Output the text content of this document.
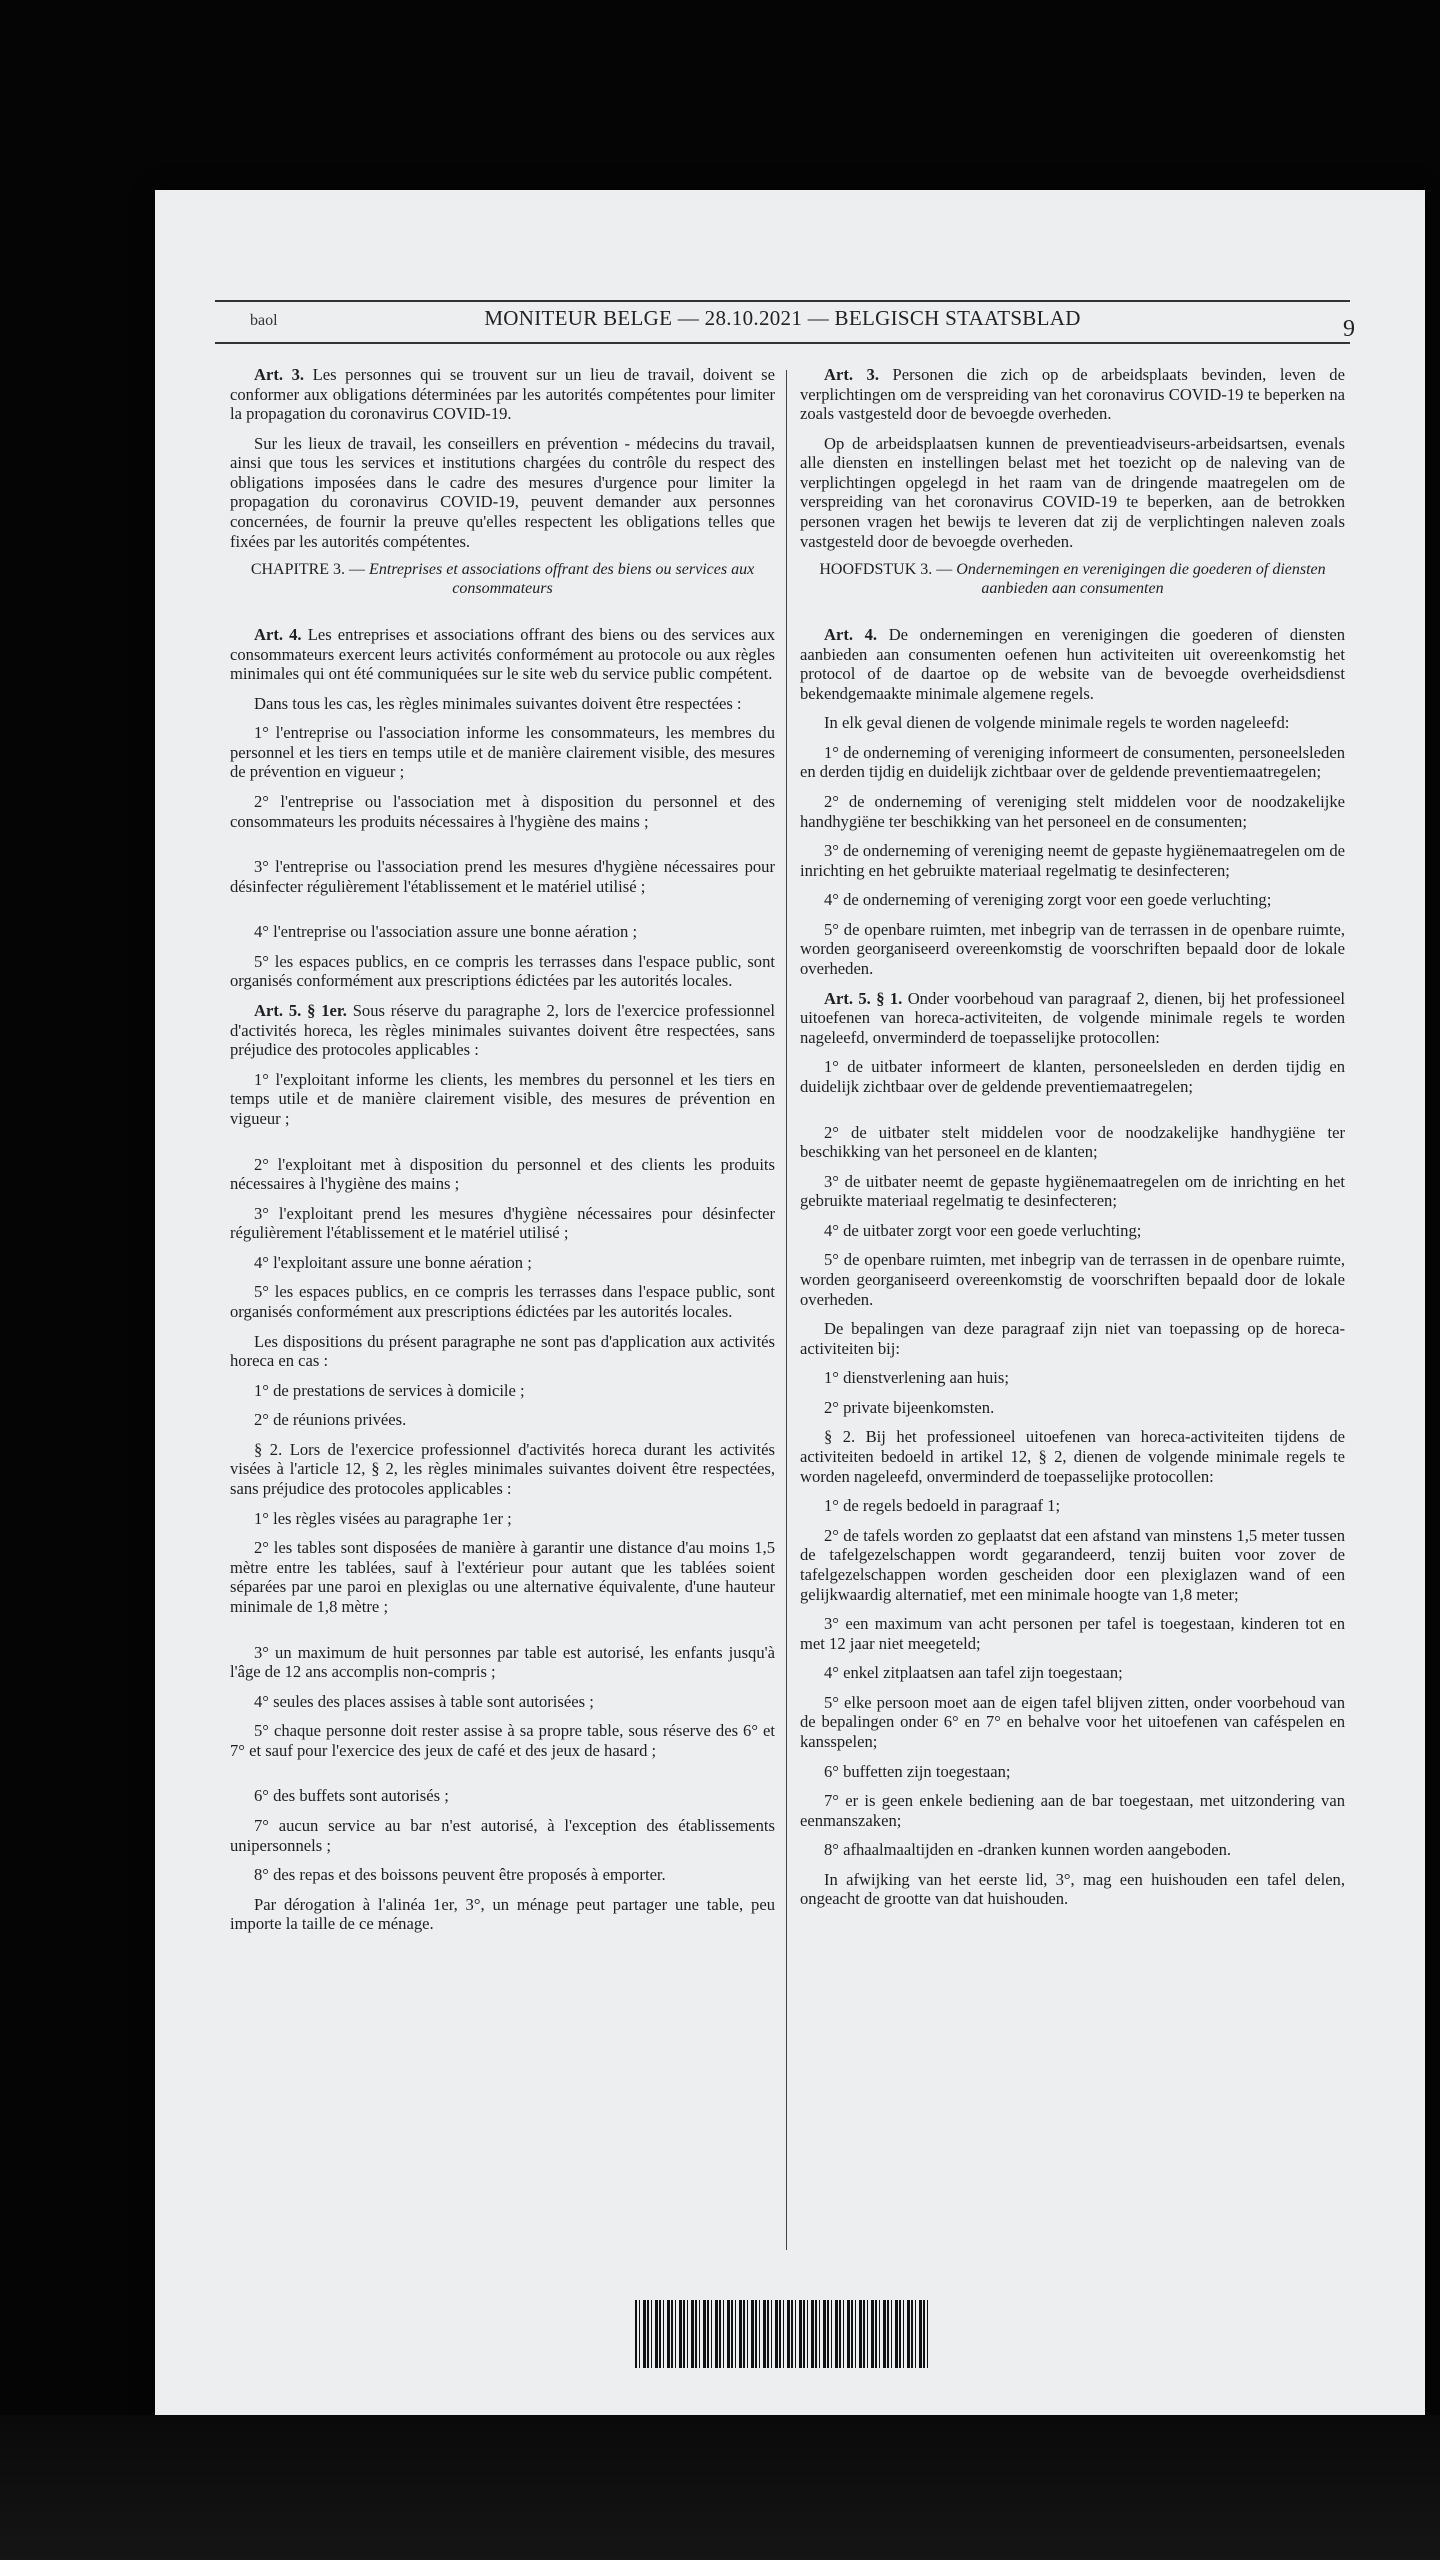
baol	MONITEUR BELGE — 28.10.2021 — BELGISCH STAATSBLAD	9

Art. 3. Les personnes qui se trouvent sur un lieu de travail, doivent se conformer aux obligations déterminées par les autorités compétentes pour limiter la propagation du coronavirus COVID-19.

Sur les lieux de travail, les conseillers en prévention - médecins du travail, ainsi que tous les services et institutions chargées du contrôle du respect des obligations imposées dans le cadre des mesures d'urgence pour limiter la propagation du coronavirus COVID-19, peuvent demander aux personnes concernées, de fournir la preuve qu'elles respectent les obligations telles que fixées par les autorités compétentes.

CHAPITRE 3. — Entreprises et associations offrant des biens ou services aux consommateurs

Art. 4. Les entreprises et associations offrant des biens ou des services aux consommateurs exercent leurs activités conformément au protocole ou aux règles minimales qui ont été communiquées sur le site web du service public compétent.

Dans tous les cas, les règles minimales suivantes doivent être respectées :

1° l'entreprise ou l'association informe les consommateurs, les membres du personnel et les tiers en temps utile et de manière clairement visible, des mesures de prévention en vigueur ;

2° l'entreprise ou l'association met à disposition du personnel et des consommateurs les produits nécessaires à l'hygiène des mains ;

3° l'entreprise ou l'association prend les mesures d'hygiène nécessaires pour désinfecter régulièrement l'établissement et le matériel utilisé ;

4° l'entreprise ou l'association assure une bonne aération ;

5° les espaces publics, en ce compris les terrasses dans l'espace public, sont organisés conformément aux prescriptions édictées par les autorités locales.

Art. 5. § 1er. Sous réserve du paragraphe 2, lors de l'exercice professionnel d'activités horeca, les règles minimales suivantes doivent être respectées, sans préjudice des protocoles applicables :

1° l'exploitant informe les clients, les membres du personnel et les tiers en temps utile et de manière clairement visible, des mesures de prévention en vigueur ;

2° l'exploitant met à disposition du personnel et des clients les produits nécessaires à l'hygiène des mains ;

3° l'exploitant prend les mesures d'hygiène nécessaires pour désinfecter régulièrement l'établissement et le matériel utilisé ;

4° l'exploitant assure une bonne aération ;

5° les espaces publics, en ce compris les terrasses dans l'espace public, sont organisés conformément aux prescriptions édictées par les autorités locales.

Les dispositions du présent paragraphe ne sont pas d'application aux activités horeca en cas :

1° de prestations de services à domicile ;

2° de réunions privées.

§ 2. Lors de l'exercice professionnel d'activités horeca durant les activités visées à l'article 12, § 2, les règles minimales suivantes doivent être respectées, sans préjudice des protocoles applicables :

1° les règles visées au paragraphe 1er ;

2° les tables sont disposées de manière à garantir une distance d'au moins 1,5 mètre entre les tablées, sauf à l'extérieur pour autant que les tablées soient séparées par une paroi en plexiglas ou une alternative équivalente, d'une hauteur minimale de 1,8 mètre ;

3° un maximum de huit personnes par table est autorisé, les enfants jusqu'à l'âge de 12 ans accomplis non-compris ;

4° seules des places assises à table sont autorisées ;

5° chaque personne doit rester assise à sa propre table, sous réserve des 6° et 7° et sauf pour l'exercice des jeux de café et des jeux de hasard ;

6° des buffets sont autorisés ;

7° aucun service au bar n'est autorisé, à l'exception des établissements unipersonnels ;

8° des repas et des boissons peuvent être proposés à emporter.

Par dérogation à l'alinéa 1er, 3°, un ménage peut partager une table, peu importe la taille de ce ménage.

Art. 3. Personen die zich op de arbeidsplaats bevinden, leven de verplichtingen om de verspreiding van het coronavirus COVID-19 te beperken na zoals vastgesteld door de bevoegde overheden.

Op de arbeidsplaatsen kunnen de preventieadviseurs-arbeidsartsen, evenals alle diensten en instellingen belast met het toezicht op de naleving van de verplichtingen opgelegd in het raam van de dringende maatregelen om de verspreiding van het coronavirus COVID-19 te beperken, aan de betrokken personen vragen het bewijs te leveren dat zij de verplichtingen naleven zoals vastgesteld door de bevoegde overheden.

HOOFDSTUK 3. — Ondernemingen en verenigingen die goederen of diensten aanbieden aan consumenten

Art. 4. De ondernemingen en verenigingen die goederen of diensten aanbieden aan consumenten oefenen hun activiteiten uit overeenkomstig het protocol of de daartoe op de website van de bevoegde overheidsdienst bekendgemaakte minimale algemene regels.

In elk geval dienen de volgende minimale regels te worden nageleefd:

1° de onderneming of vereniging informeert de consumenten, personeelsleden en derden tijdig en duidelijk zichtbaar over de geldende preventiemaatregelen;

2° de onderneming of vereniging stelt middelen voor de noodzakelijke handhygiëne ter beschikking van het personeel en de consumenten;

3° de onderneming of vereniging neemt de gepaste hygiënemaatregelen om de inrichting en het gebruikte materiaal regelmatig te desinfecteren;

4° de onderneming of vereniging zorgt voor een goede verluchting;

5° de openbare ruimten, met inbegrip van de terrassen in de openbare ruimte, worden georganiseerd overeenkomstig de voorschriften bepaald door de lokale overheden.

Art. 5. § 1. Onder voorbehoud van paragraaf 2, dienen, bij het professioneel uitoefenen van horeca-activiteiten, de volgende minimale regels te worden nageleefd, onverminderd de toepasselijke protocollen:

1° de uitbater informeert de klanten, personeelsleden en derden tijdig en duidelijk zichtbaar over de geldende preventiemaatregelen;

2° de uitbater stelt middelen voor de noodzakelijke handhygiëne ter beschikking van het personeel en de klanten;

3° de uitbater neemt de gepaste hygiënemaatregelen om de inrichting en het gebruikte materiaal regelmatig te desinfecteren;

4° de uitbater zorgt voor een goede verluchting;

5° de openbare ruimten, met inbegrip van de terrassen in de openbare ruimte, worden georganiseerd overeenkomstig de voorschriften bepaald door de lokale overheden.

De bepalingen van deze paragraaf zijn niet van toepassing op de horeca-activiteiten bij:

1° dienstverlening aan huis;

2° private bijeenkomsten.

§ 2. Bij het professioneel uitoefenen van horeca-activiteiten tijdens de activiteiten bedoeld in artikel 12, § 2, dienen de volgende minimale regels te worden nageleefd, onverminderd de toepasselijke protocollen:

1° de regels bedoeld in paragraaf 1;

2° de tafels worden zo geplaatst dat een afstand van minstens 1,5 meter tussen de tafelgezelschappen wordt gegarandeerd, tenzij buiten voor zover de tafelgezelschappen worden gescheiden door een plexiglazen wand of een gelijkwaardig alternatief, met een minimale hoogte van 1,8 meter;

3° een maximum van acht personen per tafel is toegestaan, kinderen tot en met 12 jaar niet meegeteld;

4° enkel zitplaatsen aan tafel zijn toegestaan;

5° elke persoon moet aan de eigen tafel blijven zitten, onder voorbehoud van de bepalingen onder 6° en 7° en behalve voor het uitoefenen van caféspelen en kansspelen;

6° buffetten zijn toegestaan;

7° er is geen enkele bediening aan de bar toegestaan, met uitzondering van eenmanszaken;

8° afhaalmaaltijden en -dranken kunnen worden aangeboden.

In afwijking van het eerste lid, 3°, mag een huishouden een tafel delen, ongeacht de grootte van dat huishouden.
